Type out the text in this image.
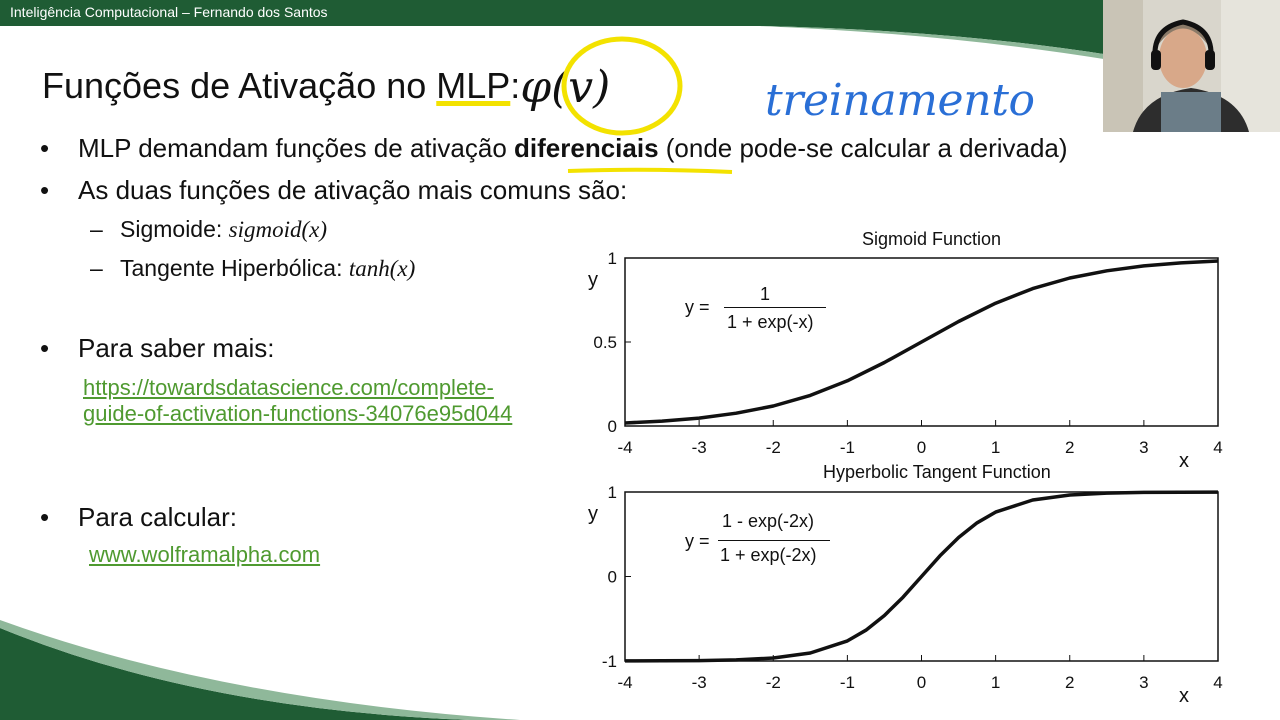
Inteligência Computacional – Fernando dos Santos
Funções de Ativação no MLP:φ(v)	treinamento
• MLP demandam funções de ativação diferenciais (onde pode-se calcular a derivada)
• As duas funções de ativação mais comuns são:
– Sigmoide: sigmoid(x)
– Tangente Hiperbólica: tanh(x)
• Para saber mais:
https://towardsdatascience.com/complete-
guide-of-activation-functions-34076e95d044
• Para calcular:
www.wolframalpha.com
Sigmoid Function
-4	-3	-2	-1	0	1	2	3	4
0
0.5
1
x
y
-4	-3	-2	-1	0	1	2	3	4
-1
0
1
x
y
Hyperbolic Tangent Function
y =
1
1 + exp(-x)
y =
1 - exp(-2x)
1 + exp(-2x)
